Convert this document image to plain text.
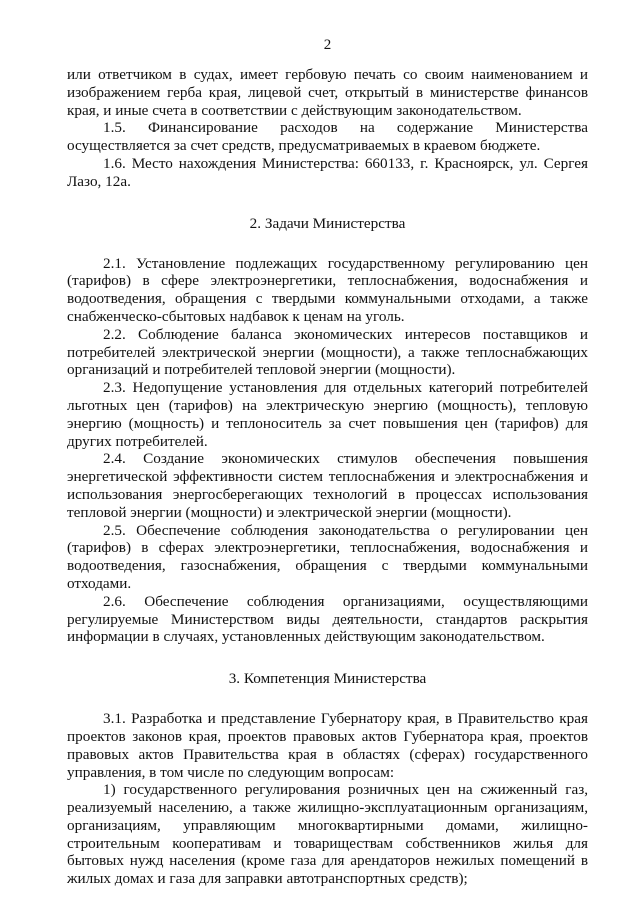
2

или ответчиком в судах, имеет гербовую печать со своим наименованием и изображением герба края, лицевой счет, открытый в министерстве финансов края, и иные счета в соответствии с действующим законодательством.

1.5. Финансирование расходов на содержание Министерства осуществляется за счет средств, предусматриваемых в краевом бюджете.

1.6. Место нахождения Министерства: 660133, г. Красноярск, ул. Сергея Лазо, 12а.

2. Задачи Министерства

2.1. Установление подлежащих государственному регулированию цен (тарифов) в сфере электроэнергетики, теплоснабжения, водоснабжения и водоотведения, обращения с твердыми коммунальными отходами, а также снабженческо-сбытовых надбавок к ценам на уголь.

2.2. Соблюдение баланса экономических интересов поставщиков и потребителей электрической энергии (мощности), а также теплоснабжающих организаций и потребителей тепловой энергии (мощности).

2.3. Недопущение установления для отдельных категорий потребителей льготных цен (тарифов) на электрическую энергию (мощность), тепловую энергию (мощность) и теплоноситель за счет повышения цен (тарифов) для других потребителей.

2.4. Создание экономических стимулов обеспечения повышения энергетической эффективности систем теплоснабжения и электроснабжения и использования энергосберегающих технологий в процессах использования тепловой энергии (мощности) и электрической энергии (мощности).

2.5. Обеспечение соблюдения законодательства о регулировании цен (тарифов) в сферах электроэнергетики, теплоснабжения, водоснабжения и водоотведения, газоснабжения, обращения с твердыми коммунальными отходами.

2.6. Обеспечение соблюдения организациями, осуществляющими регулируемые Министерством виды деятельности, стандартов раскрытия информации в случаях, установленных действующим законодательством.

3. Компетенция Министерства

3.1. Разработка и представление Губернатору края, в Правительство края проектов законов края, проектов правовых актов Губернатора края, проектов правовых актов Правительства края в областях (сферах) государственного управления, в том числе по следующим вопросам:

1) государственного регулирования розничных цен на сжиженный газ, реализуемый населению, а также жилищно-эксплуатационным организациям, организациям, управляющим многоквартирными домами, жилищно-строительным кооперативам и товариществам собственников жилья для бытовых нужд населения (кроме газа для арендаторов нежилых помещений в жилых домах и газа для заправки автотранспортных средств);
